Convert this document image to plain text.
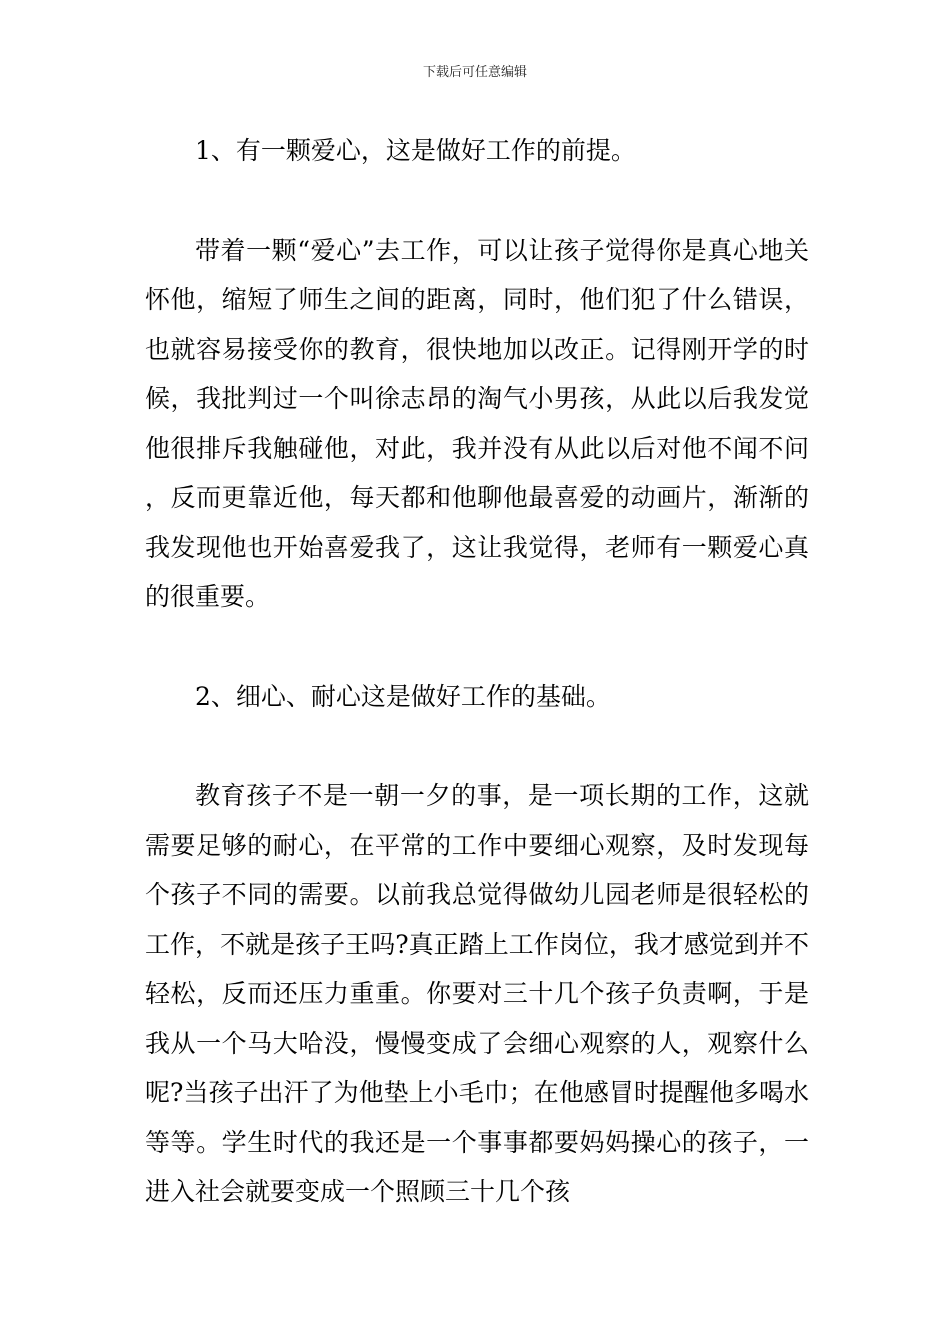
下载后可任意编辑

1、有一颗爱心，这是做好工作的前提。

带着一颗“爱心”去工作，可以让孩子觉得你是真心地关怀他，缩短了师生之间的距离，同时，他们犯了什么错误，也就容易接受你的教育，很快地加以改正。记得刚开学的时候，我批判过一个叫徐志昂的淘气小男孩，从此以后我发觉他很排斥我触碰他，对此，我并没有从此以后对他不闻不问，反而更靠近他，每天都和他聊他最喜爱的动画片，渐渐的我发现他也开始喜爱我了，这让我觉得，老师有一颗爱心真的很重要。

2、细心、耐心这是做好工作的基础。

教育孩子不是一朝一夕的事，是一项长期的工作，这就需要足够的耐心，在平常的工作中要细心观察，及时发现每个孩子不同的需要。以前我总觉得做幼儿园老师是很轻松的工作，不就是孩子王吗?真正踏上工作岗位，我才感觉到并不轻松，反而还压力重重。你要对三十几个孩子负责啊，于是我从一个马大哈没，慢慢变成了会细心观察的人，观察什么呢?当孩子出汗了为他垫上小毛巾；在他感冒时提醒他多喝水等等。学生时代的我还是一个事事都要妈妈操心的孩子，一进入社会就要变成一个照顾三十几个孩
